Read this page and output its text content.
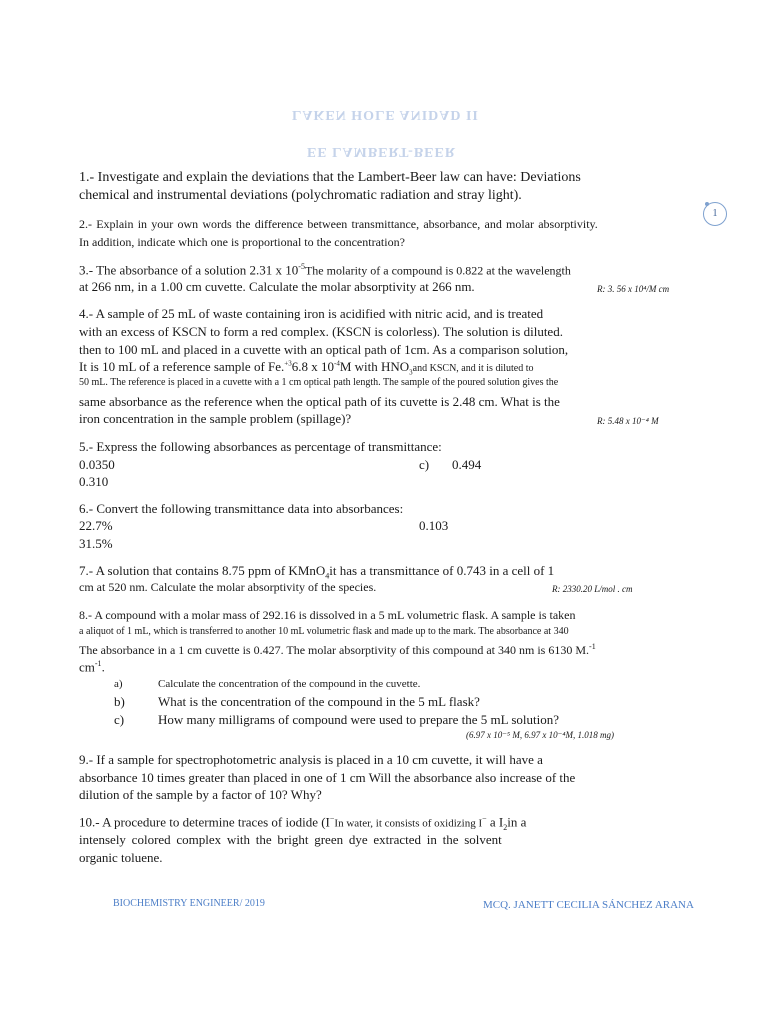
LAKEN HOLE ANIDAD II
EE LAMBERT-BEER
1
1.- Investigate and explain the deviations that the Lambert-Beer law can have: Deviations
chemical and instrumental deviations (polychromatic radiation and stray light).
2.- Explain in your own words the difference between transmittance, absorbance, and molar absorptivity.
In addition, indicate which one is proportional to the concentration?
3.- The absorbance of a solution 2.31 x $10^{-5}The$ molarity of a compound is 0.822 at the wavelength
at 266 nm, in a 1.00 cm cuvette. Calculate the molar absorptivity at 266 nm.	R: 3. 56 x 10⁴/M cm
4.- A sample of 25 mL of waste containing iron is acidified with nitric acid, and is treated
with an excess of KSCN to form a red complex. (KSCN is colorless). The solution is diluted.
then to 100 mL and placed in a cuvette with an optical path of 1cm. As a comparison solution,
It is 10 mL of a reference sample of Fe.$^{+3}$6.8 x $10^{-4}M$ with $HNO_3and$ KSCN, and it is diluted to
50 mL. The reference is placed in a cuvette with a 1 cm optical path length. The sample of the poured solution gives the
same absorbance as the reference when the optical path of its cuvette is 2.48 cm. What is the
iron concentration in the sample problem (spillage)?	R: 5.48 x 10⁻⁴ M
5.- Express the following absorbances as percentage of transmittance:
0.0350	c) 0.494
0.310
6.- Convert the following transmittance data into absorbances:
22.7%	0.103
31.5%
7.- A solution that contains 8.75 ppm of KMnO$_4$it has a transmittance of 0.743 in a cell of 1
cm at 520 nm. Calculate the molar absorptivity of the species.	R: 2330.20 L/mol . cm
8.- A compound with a molar mass of 292.16 is dissolved in a 5 mL volumetric flask. A sample is taken
a aliquot of 1 mL, which is transferred to another 10 mL volumetric flask and made up to the mark. The absorbance at 340
The absorbance in a 1 cm cuvette is 0.427. The molar absorptivity of this compound at 340 nm is 6130 M.$^{-1}$
$cm^{-1}$.
a)	Calculate the concentration of the compound in the cuvette.
b)	What is the concentration of the compound in the 5 mL flask?
c)	How many milligrams of compound were used to prepare the 5 mL solution?
(6.97 x 10⁻⁵ M, 6.97 x 10⁻⁴M, 1.018 mg)
9.- If a sample for spectrophotometric analysis is placed in a 10 cm cuvette, it will have a
absorbance 10 times greater than placed in one of 1 cm Will the absorbance also increase of the
dilution of the sample by a factor of 10? Why?
10.- A procedure to determine traces of iodide (I−In water, it consists of oxidizing I− a $I_2in$ a
intensely colored complex with the bright green dye extracted in the solvent
organic toluene.
BIOCHEMISTRY ENGINEER/ 2019	MCQ. JANETT CECILIA SÁNCHEZ ARANA
